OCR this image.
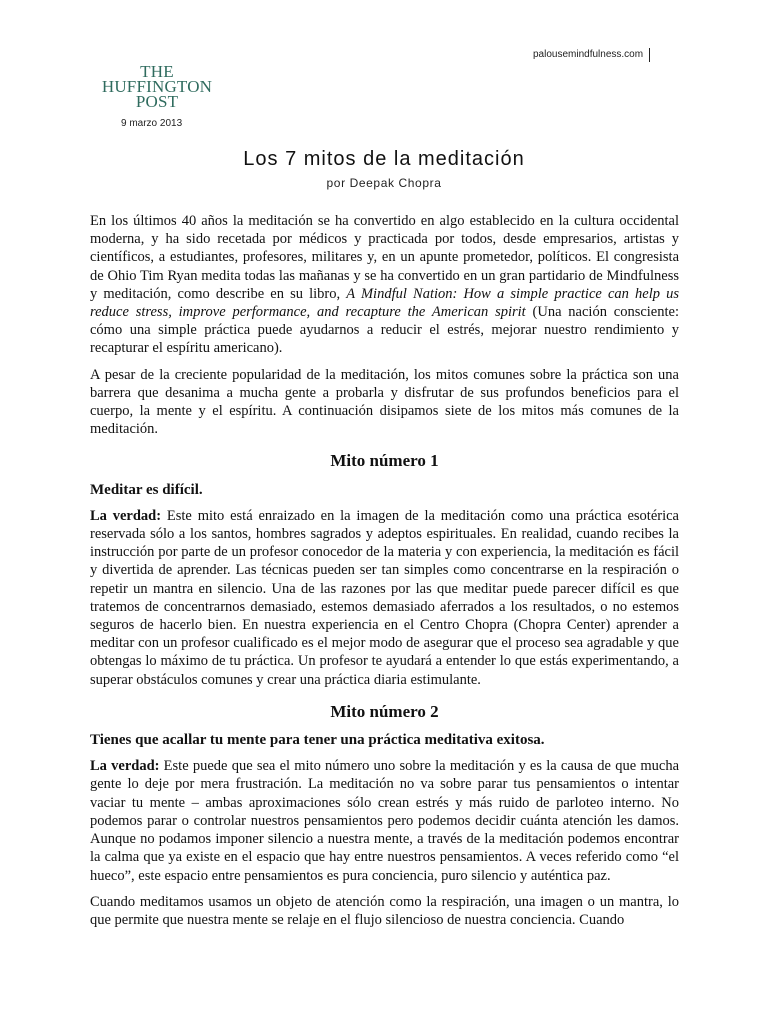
palousemindfulness.com
THE
HUFFINGTON
POST
9 marzo 2013
Los 7 mitos de la meditación
por Deepak Chopra

En los últimos 40 años la meditación se ha convertido en algo establecido en la cultura occidental moderna, y ha sido recetada por médicos y practicada por todos, desde empresarios, artistas y científicos, a estudiantes, profesores, militares y, en un apunte prometedor, políticos. El congresista de Ohio Tim Ryan medita todas las mañanas y se ha convertido en un gran partidario de Mindfulness y meditación, como describe en su libro, A Mindful Nation: How a simple practice can help us reduce stress, improve performance, and recapture the American spirit (Una nación consciente: cómo una simple práctica puede ayudarnos a reducir el estrés, mejorar nuestro rendimiento y recapturar el espíritu americano).

A pesar de la creciente popularidad de la meditación, los mitos comunes sobre la práctica son una barrera que desanima a mucha gente a probarla y disfrutar de sus profundos beneficios para el cuerpo, la mente y el espíritu. A continuación disipamos siete de los mitos más comunes de la meditación.

Mito número 1
Meditar es difícil.

La verdad: Este mito está enraizado en la imagen de la meditación como una práctica esotérica reservada sólo a los santos, hombres sagrados y adeptos espirituales. En realidad, cuando recibes la instrucción por parte de un profesor conocedor de la materia y con experiencia, la meditación es fácil y divertida de aprender. Las técnicas pueden ser tan simples como concentrarse en la respiración o repetir un mantra en silencio. Una de las razones por las que meditar puede parecer difícil es que tratemos de concentrarnos demasiado, estemos demasiado aferrados a los resultados, o no estemos seguros de hacerlo bien. En nuestra experiencia en el Centro Chopra (Chopra Center) aprender a meditar con un profesor cualificado es el mejor modo de asegurar que el proceso sea agradable y que obtengas lo máximo de tu práctica. Un profesor te ayudará a entender lo que estás experimentando, a superar obstáculos comunes y crear una práctica diaria estimulante.

Mito número 2
Tienes que acallar tu mente para tener una práctica meditativa exitosa.

La verdad: Este puede que sea el mito número uno sobre la meditación y es la causa de que mucha gente lo deje por mera frustración. La meditación no va sobre parar tus pensamientos o intentar vaciar tu mente – ambas aproximaciones sólo crean estrés y más ruido de parloteo interno. No podemos parar o controlar nuestros pensamientos pero podemos decidir cuánta atención les damos. Aunque no podamos imponer silencio a nuestra mente, a través de la meditación podemos encontrar la calma que ya existe en el espacio que hay entre nuestros pensamientos. A veces referido como “el hueco”, este espacio entre pensamientos es pura conciencia, puro silencio y auténtica paz.

Cuando meditamos usamos un objeto de atención como la respiración, una imagen o un mantra, lo que permite que nuestra mente se relaje en el flujo silencioso de nuestra conciencia. Cuando
